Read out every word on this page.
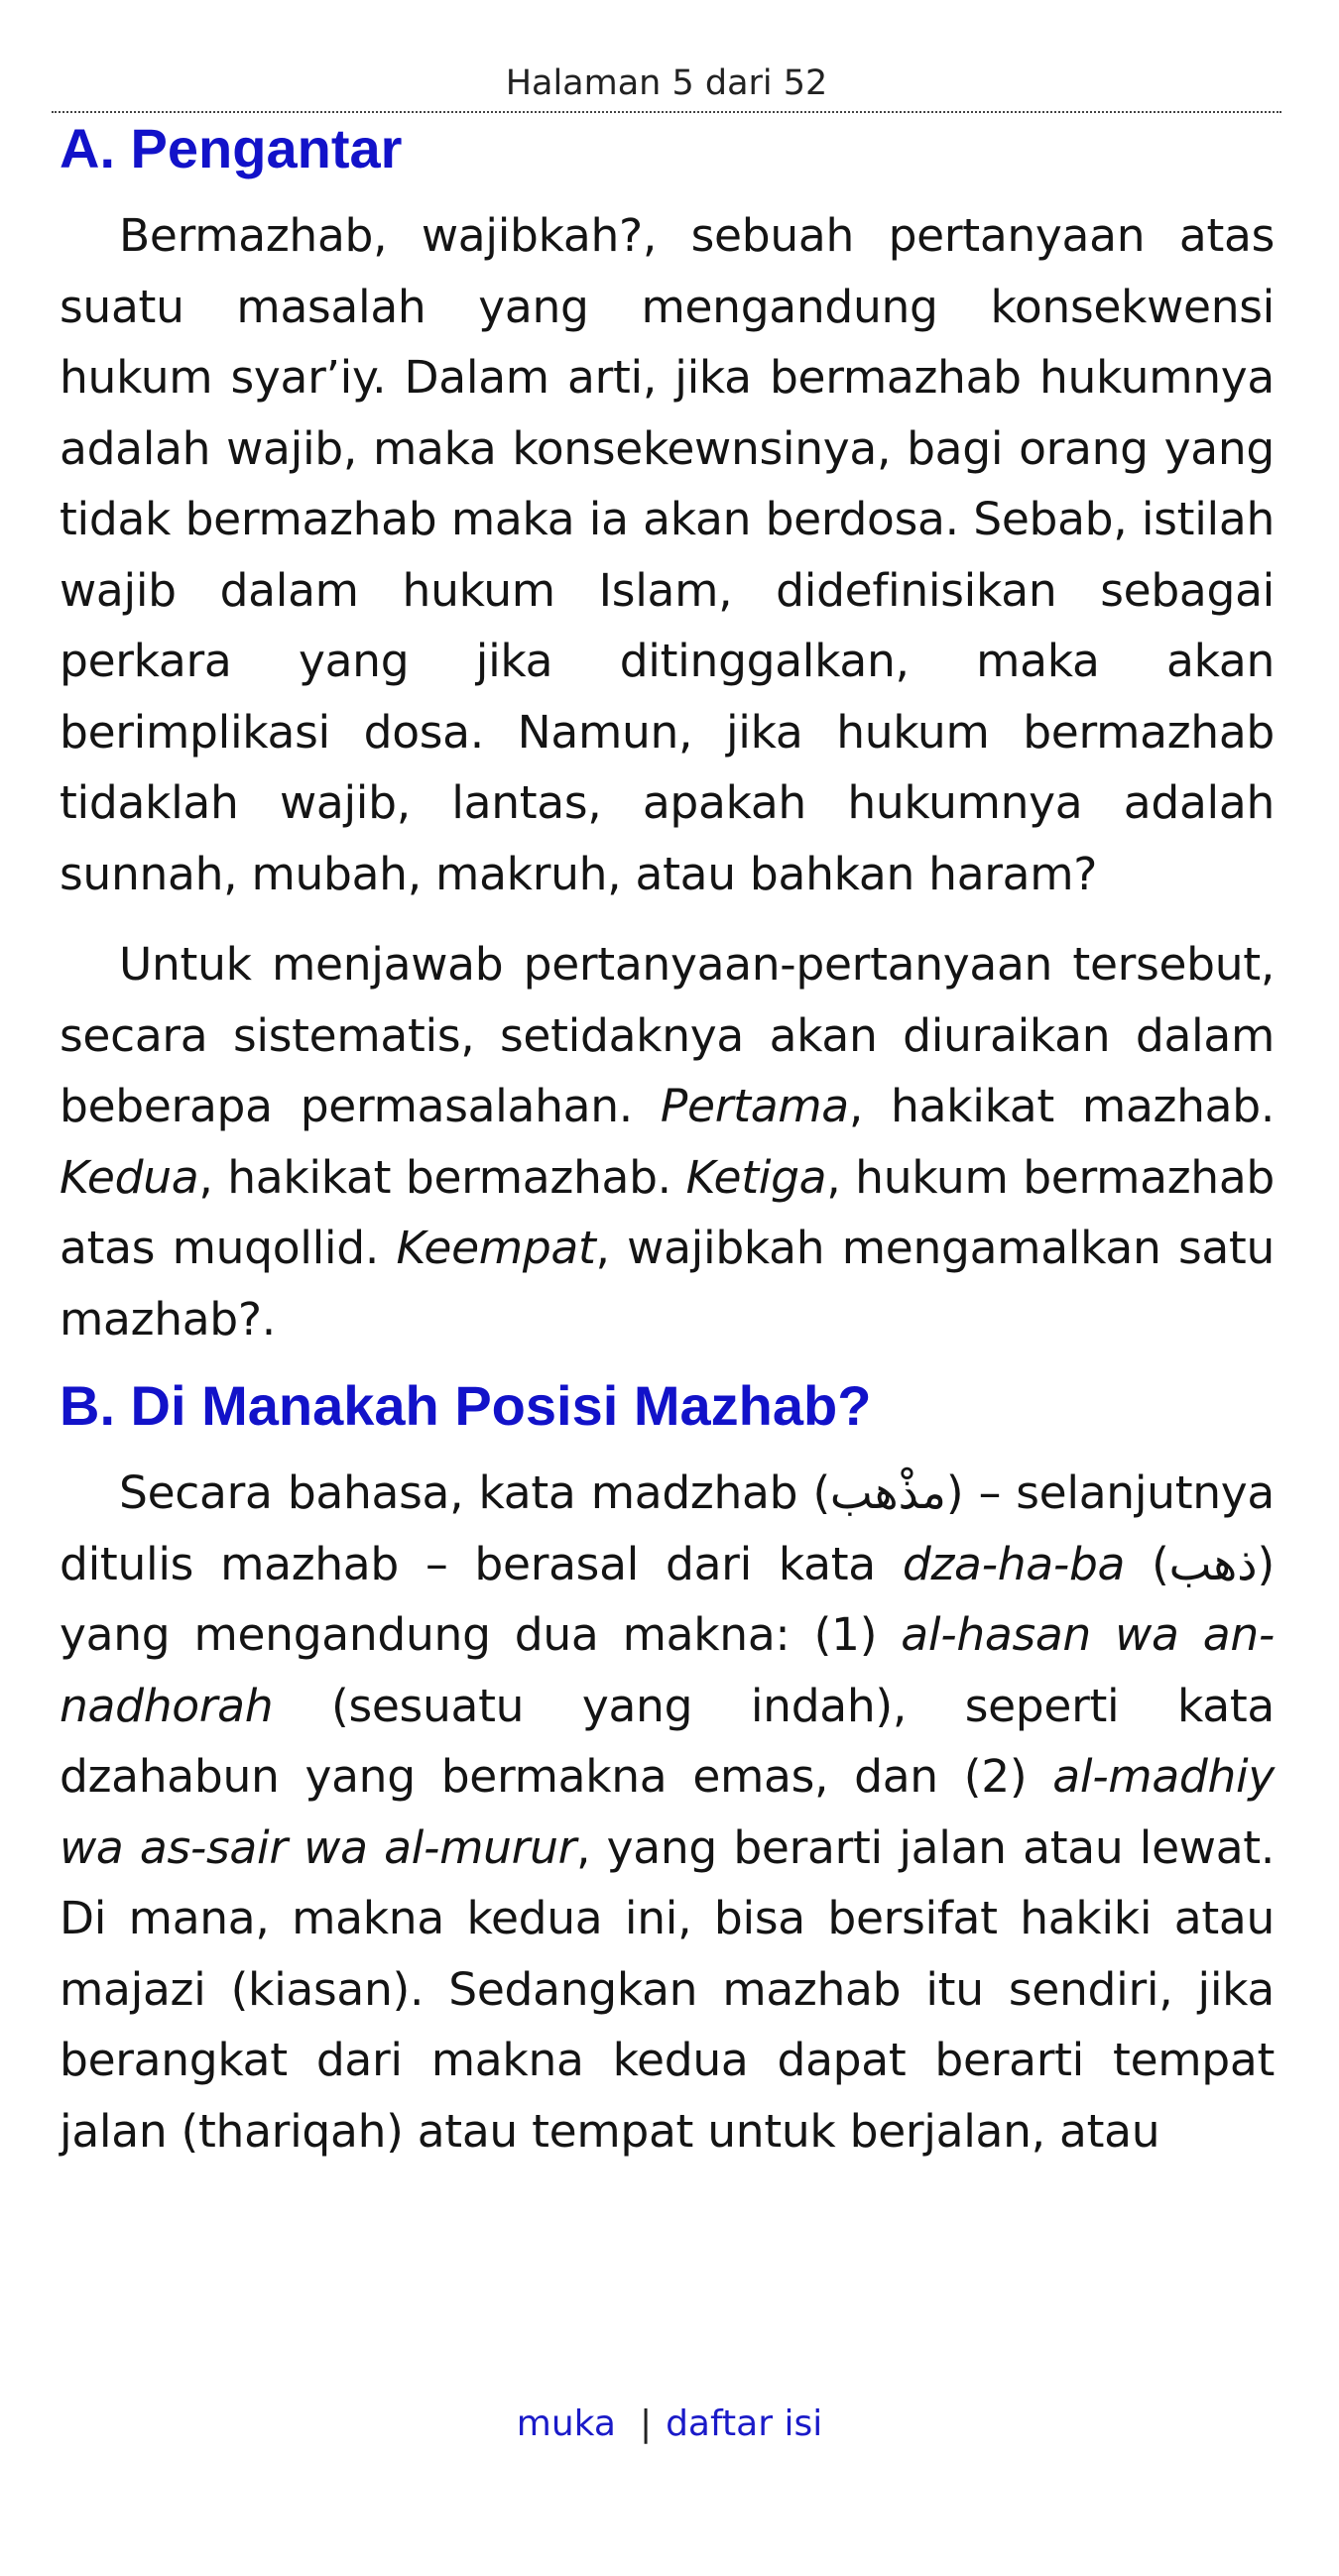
Halaman 5 dari 52
A. Pengantar

Bermazhab, wajibkah?, sebuah pertanyaan atas suatu masalah yang mengandung konsekwensi hukum syar’iy. Dalam arti, jika bermazhab hukumnya adalah wajib, maka konsekewnsinya, bagi orang yang tidak bermazhab maka ia akan berdosa. Sebab, istilah wajib dalam hukum Islam, didefinisikan sebagai perkara yang jika ditinggalkan, maka akan berimplikasi dosa. Namun, jika hukum bermazhab tidaklah wajib, lantas, apakah hukumnya adalah sunnah, mubah, makruh, atau bahkan haram?

Untuk menjawab pertanyaan-pertanyaan tersebut, secara sistematis, setidaknya akan diuraikan dalam beberapa permasalahan. Pertama, hakikat mazhab. Kedua, hakikat bermazhab. Ketiga, hukum bermazhab atas muqollid. Keempat, wajibkah mengamalkan satu mazhab?.

B. Di Manakah Posisi Mazhab?

Secara bahasa, kata madzhab (مذْهب) – selanjutnya ditulis mazhab – berasal dari kata dza-ha-ba (ذهب) yang mengandung dua makna: (1) al-hasan wa an-nadhorah (sesuatu yang indah), seperti kata dzahabun yang bermakna emas, dan (2) al-madhiy wa as-sair wa al-murur, yang berarti jalan atau lewat. Di mana, makna kedua ini, bisa bersifat hakiki atau majazi (kiasan). Sedangkan mazhab itu sendiri, jika berangkat dari makna kedua dapat berarti tempat jalan (thariqah) atau tempat untuk berjalan, atau

muka | daftar isi
